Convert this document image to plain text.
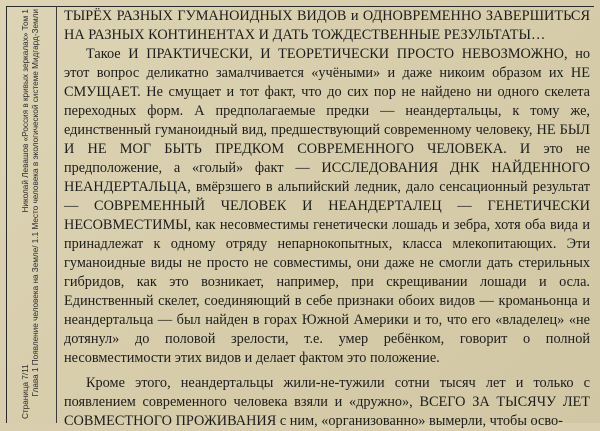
Страница 7/11
Николай Левашов «Россия в кривых зеркалах» Том 1 Глава 1 Появление человека на Земле/ 1.1 Место человека в экологической системе Мидгард-Земли ТЫРЁХ РАЗНЫХ ГУМАНОИДНЫХ ВИДОВ и ОДНОВРЕМЕННО ЗАВЕРШИТЬСЯ НА РАЗНЫХ КОНТИНЕНТАХ И ДАТЬ ТОЖДЕСТВЕННЫЕ РЕЗУЛЬТАТЫ…

Такое И ПРАКТИЧЕСКИ, И ТЕОРЕТИЧЕСКИ ПРОСТО НЕВОЗМОЖНО, но этот вопрос деликатно замалчивается «учёными» и даже никоим образом их НЕ СМУЩАЕТ. Не смущает и тот факт, что до сих пор не найдено ни одного скелета переходных форм. А предполагаемые предки — неандертальцы, к тому же, единственный гуманоидный вид, предшествующий современному человеку, НЕ БЫЛ И НЕ МОГ БЫТЬ ПРЕДКОМ СОВРЕМЕННОГО ЧЕЛОВЕКА. И это не предположение, а «голый» факт — ИССЛЕДОВАНИЯ ДНК НАЙДЕННОГО НЕАНДЕРТАЛЬЦА, вмёрзшего в альпийский ледник, дало сенсационный результат — СОВРЕМЕННЫЙ ЧЕЛОВЕК И НЕАНДЕРТАЛЕЦ — ГЕНЕТИЧЕСКИ НЕСОВМЕСТИМЫ, как несовместимы генетически лошадь и зебра, хотя оба вида и принадлежат к одному отряду непарнокопытных, класса млекопитающих. Эти гуманоидные виды не просто не совместимы, они даже не смогли дать стерильных гибридов, как это возникает, например, при скрещивании лошади и осла. Единственный скелет, соединяющий в себе признаки обоих видов — кроманьонца и неандертальца — был найден в горах Южной Америки и то, что его «владелец» «не дотянул» до половой зрелости, т.е. умер ребёнком, говорит о полной несовместимости этих видов и делает фактом это положение.

Кроме этого, неандертальцы жили-не-тужили сотни тысяч лет и только с появлением современного человека взяли и «дружно», ВСЕГО ЗА ТЫСЯЧУ ЛЕТ СОВМЕСТНОГО ПРОЖИВАНИЯ с ним, «организованно» вымерли, чтобы осво-
